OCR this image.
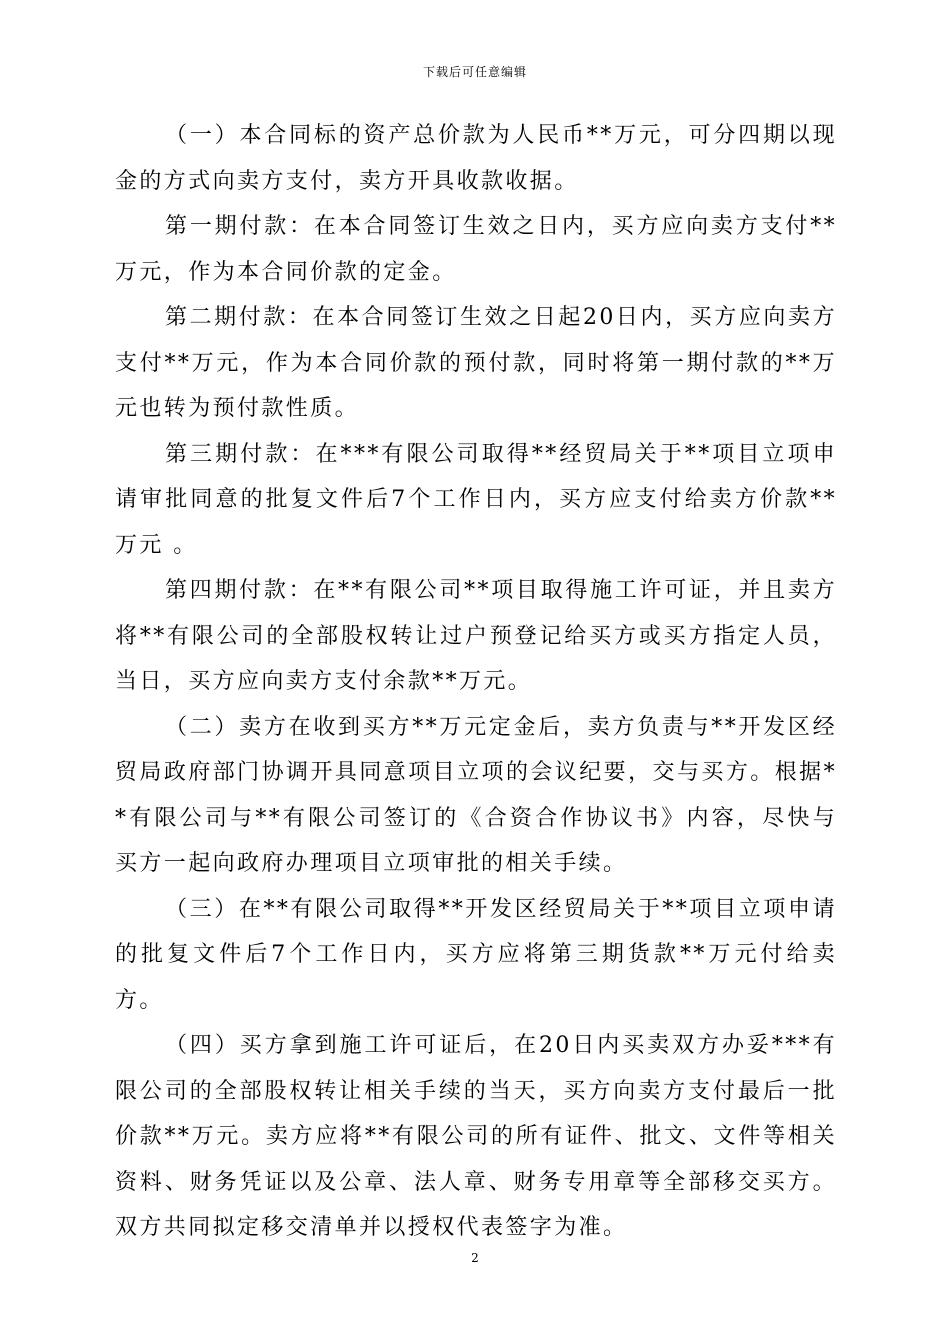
下载后可任意编辑

（一）本合同标的资产总价款为人民币**万元，可分四期以现金的方式向卖方支付，卖方开具收款收据。

第一期付款：在本合同签订生效之日内，买方应向卖方支付**万元，作为本合同价款的定金。

第二期付款：在本合同签订生效之日起20日内，买方应向卖方支付**万元，作为本合同价款的预付款，同时将第一期付款的**万元也转为预付款性质。

第三期付款：在***有限公司取得**经贸局关于**项目立项申请审批同意的批复文件后7个工作日内，买方应支付给卖方价款**万元 。

第四期付款：在**有限公司**项目取得施工许可证，并且卖方将**有限公司的全部股权转让过户预登记给买方或买方指定人员，当日，买方应向卖方支付余款**万元。

（二）卖方在收到买方**万元定金后，卖方负责与**开发区经贸局政府部门协调开具同意项目立项的会议纪要，交与买方。根据**有限公司与**有限公司签订的《合资合作协议书》内容，尽快与买方一起向政府办理项目立项审批的相关手续。

（三）在**有限公司取得**开发区经贸局关于**项目立项申请的批复文件后7个工作日内，买方应将第三期货款**万元付给卖方。

（四）买方拿到施工许可证后，在20日内买卖双方办妥***有限公司的全部股权转让相关手续的当天，买方向卖方支付最后一批价款**万元。卖方应将**有限公司的所有证件、批文、文件等相关资料、财务凭证以及公章、法人章、财务专用章等全部移交买方。双方共同拟定移交清单并以授权代表签字为准。

2
